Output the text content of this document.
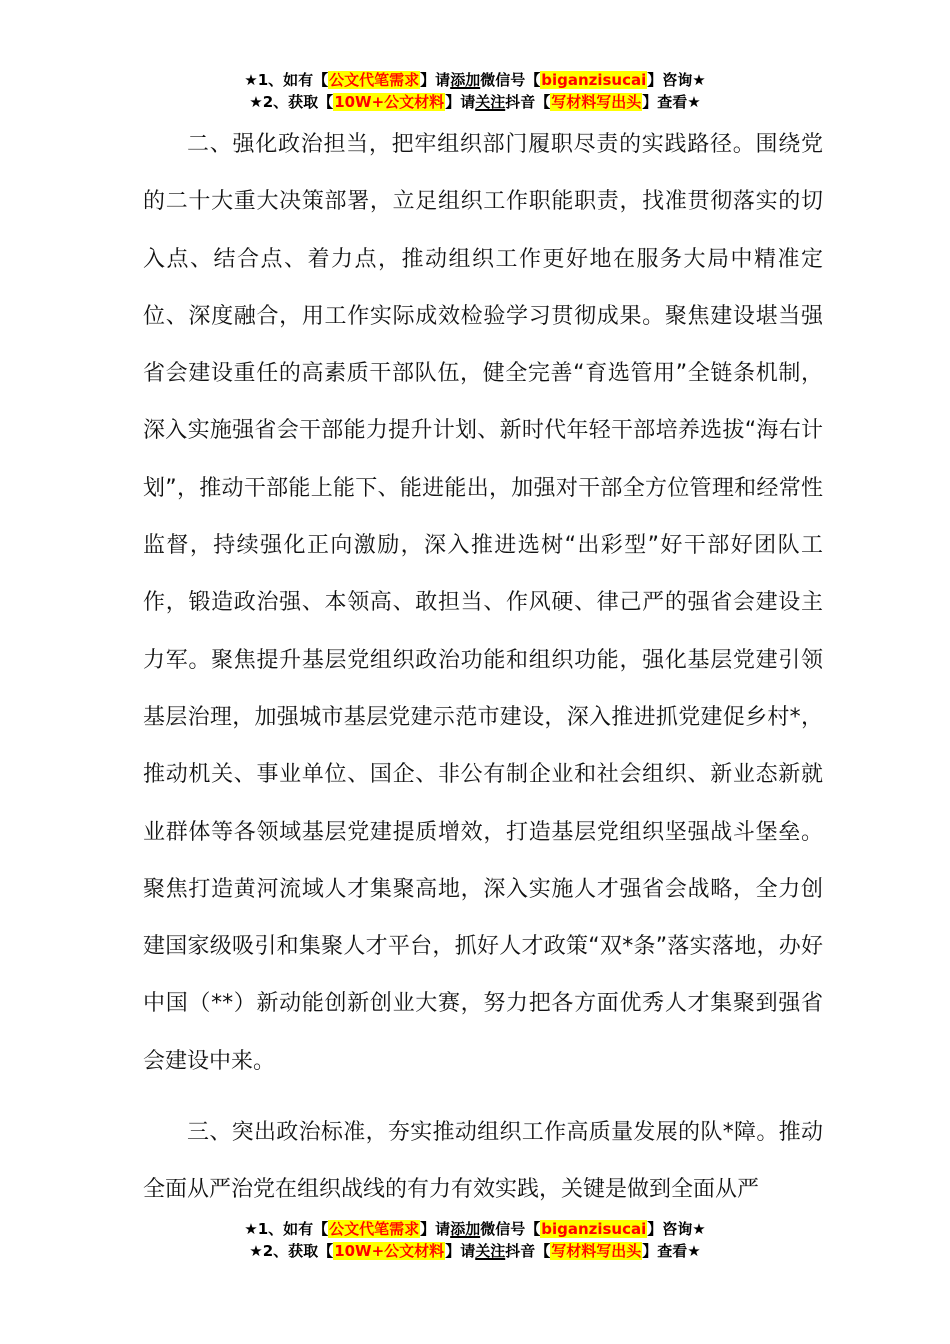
★1、如有【公文代笔需求】请添加微信号【biganzisucai】咨询★
★2、获取【10W+公文材料】请关注抖音【写材料写出头】查看★

二、强化政治担当，把牢组织部门履职尽责的实践路径。围绕党的二十大重大决策部署，立足组织工作职能职责，找准贯彻落实的切入点、结合点、着力点，推动组织工作更好地在服务大局中精准定位、深度融合，用工作实际成效检验学习贯彻成果。聚焦建设堪当强省会建设重任的高素质干部队伍，健全完善“育选管用”全链条机制，深入实施强省会干部能力提升计划、新时代年轻干部培养选拔“海右计划”，推动干部能上能下、能进能出，加强对干部全方位管理和经常性监督，持续强化正向激励，深入推进选树“出彩型”好干部好团队工作，锻造政治强、本领高、敢担当、作风硬、律己严的强省会建设主力军。聚焦提升基层党组织政治功能和组织功能，强化基层党建引领基层治理，加强城市基层党建示范市建设，深入推进抓党建促乡村*，推动机关、事业单位、国企、非公有制企业和社会组织、新业态新就业群体等各领域基层党建提质增效，打造基层党组织坚强战斗堡垒。聚焦打造黄河流域人才集聚高地，深入实施人才强省会战略，全力创建国家级吸引和集聚人才平台，抓好人才政策“双*条”落实落地，办好中国（**）新动能创新创业大赛，努力把各方面优秀人才集聚到强省会建设中来。

三、突出政治标准，夯实推动组织工作高质量发展的队*障。推动全面从严治党在组织战线的有力有效实践，关键是做到全面从严

★1、如有【公文代笔需求】请添加微信号【biganzisucai】咨询★
★2、获取【10W+公文材料】请关注抖音【写材料写出头】查看★
